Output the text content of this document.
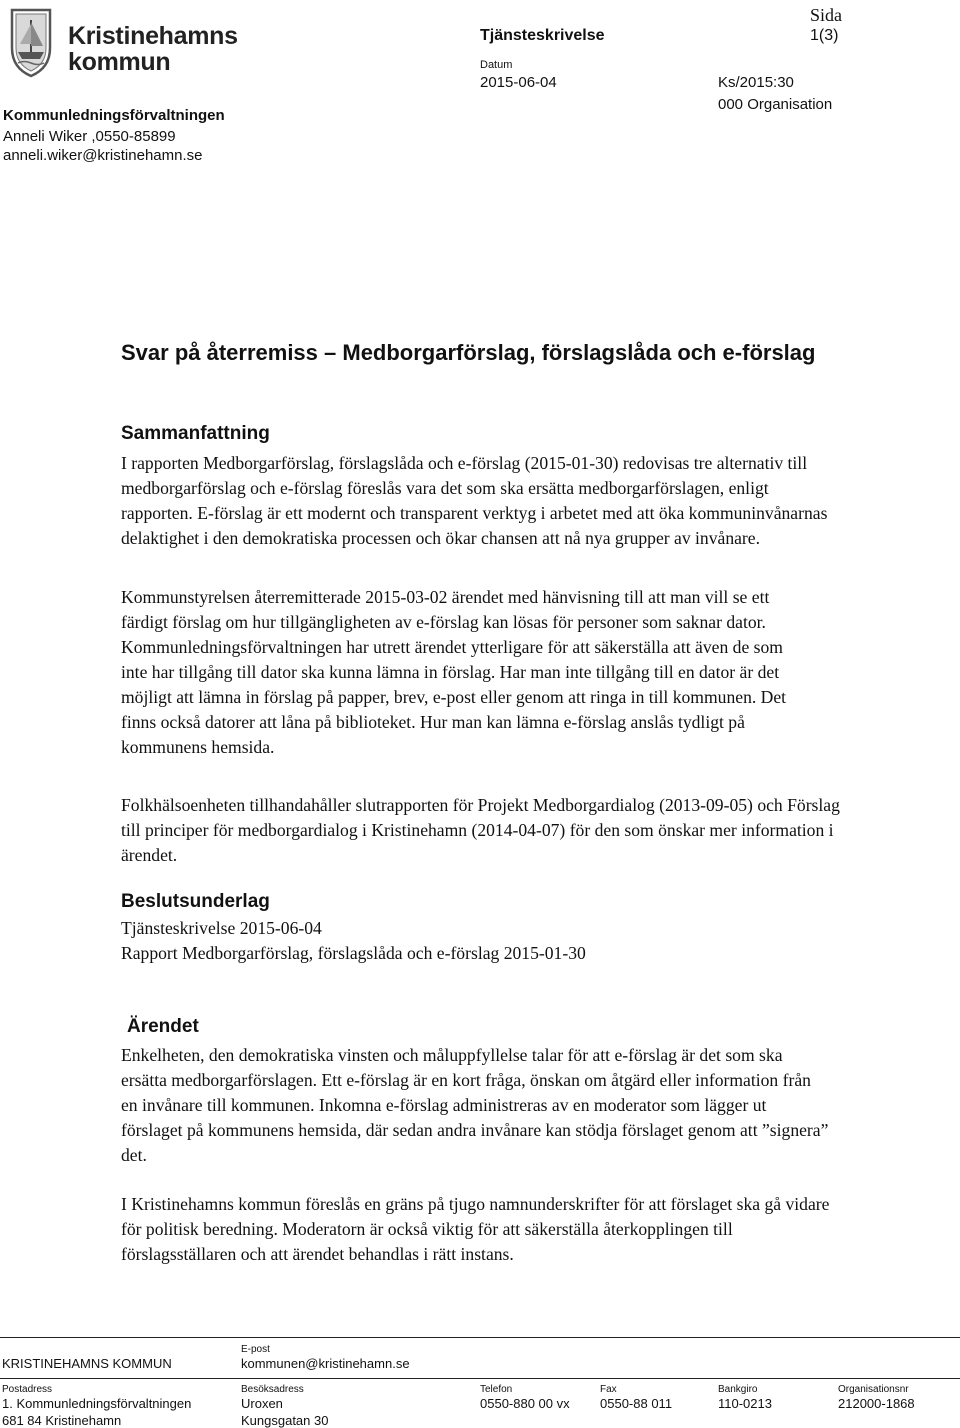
Kristinehamns
kommun
Kommunledningsförvaltningen
Anneli Wiker ,0550-85899
anneli.wiker@kristinehamn.se
Tjänsteskrivelse
Datum
2015-06-04	Ks/2015:30
000 Organisation
Sida
1(3)
Svar på återremiss – Medborgarförslag, förslagslåda och e-förslag
Sammanfattning

I rapporten Medborgarförslag, förslagslåda och e-förslag (2015-01-30) redovisas tre alternativ till medborgarförslag och e-förslag föreslås vara det som ska ersätta medborgarförslagen, enligt rapporten. E-förslag är ett modernt och transparent verktyg i arbetet med att öka kommuninvånarnas delaktighet i den demokratiska processen och ökar chansen att nå nya grupper av invånare.

Kommunstyrelsen återremitterade 2015-03-02 ärendet med hänvisning till att man vill se ett färdigt förslag om hur tillgängligheten av e-förslag kan lösas för personer som saknar dator. Kommunledningsförvaltningen har utrett ärendet ytterligare för att säkerställa att även de som inte har tillgång till dator ska kunna lämna in förslag. Har man inte tillgång till en dator är det möjligt att lämna in förslag på papper, brev, e-post eller genom att ringa in till kommunen. Det finns också datorer att låna på biblioteket. Hur man kan lämna e-förslag anslås tydligt på kommunens hemsida.

Folkhälsoenheten tillhandahåller slutrapporten för Projekt Medborgardialog (2013-09-05) och Förslag till principer för medborgardialog i Kristinehamn (2014-04-07) för den som önskar mer information i ärendet.

Beslutsunderlag
Tjänsteskrivelse 2015-06-04
Rapport Medborgarförslag, förslagslåda och e-förslag 2015-01-30
Ärendet

Enkelheten, den demokratiska vinsten och måluppfyllelse talar för att e-förslag är det som ska ersätta medborgarförslagen. Ett e-förslag är en kort fråga, önskan om åtgärd eller information från en invånare till kommunen. Inkomna e-förslag administreras av en moderator som lägger ut förslaget på kommunens hemsida, där sedan andra invånare kan stödja förslaget genom att ”signera” det.

I Kristinehamns kommun föreslås en gräns på tjugo namnunderskrifter för att förslaget ska gå vidare för politisk beredning. Moderatorn är också viktig för att säkerställa återkopplingen till förslagsställaren och att ärendet behandlas i rätt instans.

KRISTINEHAMNS KOMMUN
E-post
kommunen@kristinehamn.se
Postadress
1. Kommunledningsförvaltningen
681 84 Kristinehamn
Besöksadress
Uroxen
Kungsgatan 30
Telefon
0550-880 00 vx
Fax
0550-88 011
Bankgiro
110-0213
Organisationsnr
212000-1868
